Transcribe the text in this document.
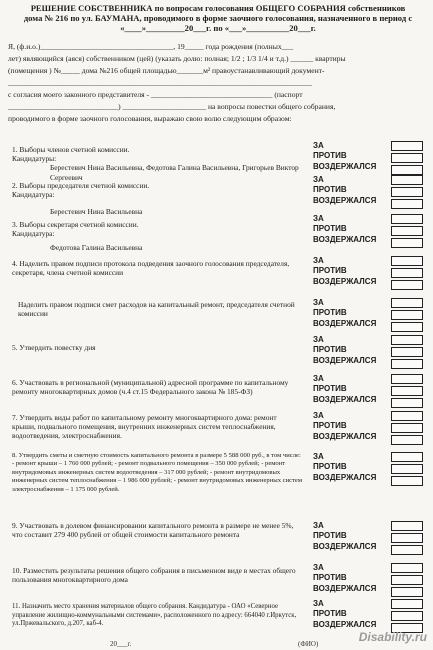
РЕШЕНИЕ СОБСТВЕННИКА по вопросам голосования ОБЩЕГО СОБРАНИЯ собственников
дома № 216 по ул. БАУМАНА, проводимого в форме заочного голосования, назначенного в период с
«____»_________20___г. по «___»__________20___г.
Я, (ф.и.о.)___________________________________, 19_____ года рождения (полных___
лет) являющийся (аяся) собственником (цей) (указать долю: полная; 1/2 ; 1/3 1/4 и т.д.) ______ квартиры
(помещения ) №_____ дома №216 общей площадью_______м² правоустанавливающий документ-
________________________________________________________________________________
с согласия моего законного представителя - ________________________________ (паспорт
_____________________________) ______________________ на вопросы повестки общего собрания,
проводимого в форме заочного голосования, выражаю свою волю следующим образом:
1. Выборы членов счетной комиссии.
Кандидатуры:
Берестевич Нина Васильевна, Федотова Галина Васильевна, Григорьев Виктор Сергеевич
ЗА
ПРОТИВ
ВОЗДЕРЖАЛСЯ
2. Выборы председателя счетной комиссии.
Кандидатура:
Берестевич Нина Васильевна
ЗА
ПРОТИВ
ВОЗДЕРЖАЛСЯ
3. Выборы секретаря счетной комиссии.
Кандидатура:
Федотова Галина Васильевна
ЗА
ПРОТИВ
ВОЗДЕРЖАЛСЯ
4. Наделить правом подписи протокола подведения заочного голосования председателя, секретаря, члена счетной комиссии
ЗА
ПРОТИВ
ВОЗДЕРЖАЛСЯ
Наделить правом подписи смет расходов на капитальный ремонт, председателя счетной комиссии
ЗА
ПРОТИВ
ВОЗДЕРЖАЛСЯ
5. Утвердить повестку дня
ЗА
ПРОТИВ
ВОЗДЕРЖАЛСЯ
6. Участвовать в региональной (муниципальной) адресной программе по капитальному ремонту многоквартирных домов (ч.4 ст.15 Федерального закона № 185-ФЗ)
ЗА
ПРОТИВ
ВОЗДЕРЖАЛСЯ
7. Утвердить виды работ по капитальному ремонту многоквартирного дома: ремонт крыши, подвального помещения, внутренних инженерных систем теплоснабжения, водоотведения, электроснабжения.
ЗА
ПРОТИВ
ВОЗДЕРЖАЛСЯ
8. Утвердить сметы и сметную стоимость капитального ремонта в размере 5 588 000 руб., в том числе:
- ремонт крыши – 1 760 000 рублей; - ремонт подвального помещения – 350 000 рублей; - ремонт внутридомовых инженерных систем водоотведения – 317 000 рублей; - ремонт внутридомовых инженерных систем теплоснабжения – 1 986 000 рублей; - ремонт внутридомовых инженерных систем электроснабжения – 1 175 000 рублей.
ЗА
ПРОТИВ
ВОЗДЕРЖАЛСЯ
9. Участвовать в долевом финансировании капитального ремонта в размере не менее 5%, что составит 279 400 рублей от общей стоимости капитального ремонта
ЗА
ПРОТИВ
ВОЗДЕРЖАЛСЯ
10. Разместить результаты решения общего собрания в письменном виде в местах общего пользования многоквартирного дома
ЗА
ПРОТИВ
ВОЗДЕРЖАЛСЯ
11. Назначить место хранения материалов общего собрания. Кандидатура - ОАО «Северное управление жилищно-коммунальными системами», расположенного по адресу: 664040 г.Иркутск, ул.Пржевальского, д.207, каб-4.
ЗА
ПРОТИВ
ВОЗДЕРЖАЛСЯ
20___г.	(ФИО)	Disability.ru
